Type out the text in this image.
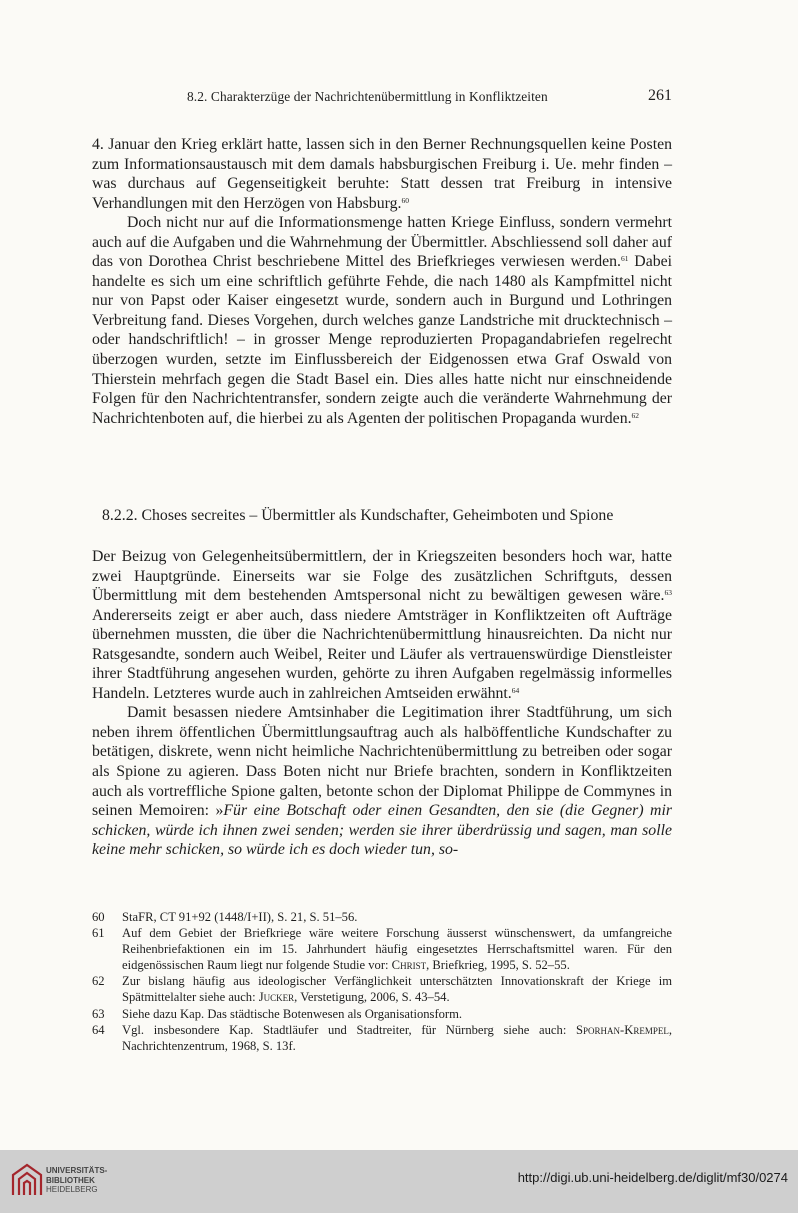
8.2. Charakterzüge der Nachrichtenübermittlung in Konfliktzeiten	261

4. Januar den Krieg erklärt hatte, lassen sich in den Berner Rechnungsquellen keine Posten zum Informationsaustausch mit dem damals habsburgischen Freiburg i. Ue. mehr finden – was durchaus auf Gegenseitigkeit beruhte: Statt dessen trat Freiburg in intensive Verhandlungen mit den Herzögen von Habsburg.$^{60}$

Doch nicht nur auf die Informationsmenge hatten Kriege Einfluss, sondern vermehrt auch auf die Aufgaben und die Wahrnehmung der Übermittler. Abschliessend soll daher auf das von Dorothea Christ beschriebene Mittel des Briefkrieges verwiesen werden.$^{61}$ Dabei handelte es sich um eine schriftlich geführte Fehde, die nach 1480 als Kampfmittel nicht nur von Papst oder Kaiser eingesetzt wurde, sondern auch in Burgund und Lothringen Verbreitung fand. Dieses Vorgehen, durch welches ganze Landstriche mit drucktechnisch – oder handschriftlich! – in grosser Menge reproduzierten Propagandabriefen regelrecht überzogen wurden, setzte im Einflussbereich der Eidgenossen etwa Graf Oswald von Thierstein mehrfach gegen die Stadt Basel ein. Dies alles hatte nicht nur einschneidende Folgen für den Nachrichtentransfer, sondern zeigte auch die veränderte Wahrnehmung der Nachrichtenboten auf, die hierbei zu als Agenten der politischen Propaganda wurden.$^{62}$

8.2.2. Choses secreites – Übermittler als Kundschafter, Geheimboten und Spione

Der Beizug von Gelegenheitsübermittlern, der in Kriegszeiten besonders hoch war, hatte zwei Hauptgründe. Einerseits war sie Folge des zusätzlichen Schriftguts, dessen Übermittlung mit dem bestehenden Amtspersonal nicht zu bewältigen gewesen wäre.$^{63}$ Andererseits zeigt er aber auch, dass niedere Amtsträger in Konfliktzeiten oft Aufträge übernehmen mussten, die über die Nachrichtenübermittlung hinausreichten. Da nicht nur Ratsgesandte, sondern auch Weibel, Reiter und Läufer als vertrauenswürdige Dienstleister ihrer Stadtführung angesehen wurden, gehörte zu ihren Aufgaben regelmässig informelles Handeln. Letzteres wurde auch in zahlreichen Amtseiden erwähnt.$^{64}$

Damit besassen niedere Amtsinhaber die Legitimation ihrer Stadtführung, um sich neben ihrem öffentlichen Übermittlungsauftrag auch als halböffentliche Kundschafter zu betätigen, diskrete, wenn nicht heimliche Nachrichtenübermittlung zu betreiben oder sogar als Spione zu agieren. Dass Boten nicht nur Briefe brachten, sondern in Konfliktzeiten auch als vortreffliche Spione galten, betonte schon der Diplomat Philippe de Commynes in seinen Memoiren: »Für eine Botschaft oder einen Gesandten, den sie (die Gegner) mir schicken, würde ich ihnen zwei senden; werden sie ihrer überdrüssig und sagen, man solle keine mehr schicken, so würde ich es doch wieder tun, so-

60	StaFR, CT 91+92 (1448/I+II), S. 21, S. 51–56.
61	Auf dem Gebiet der Briefkriege wäre weitere Forschung äusserst wünschenswert, da umfangreiche Reihenbriefaktionen ein im 15. Jahrhundert häufig eingesetztes Herrschaftsmittel waren. Für den eidgenössischen Raum liegt nur folgende Studie vor: Christ, Briefkrieg, 1995, S. 52–55.
62	Zur bislang häufig aus ideologischer Verfänglichkeit unterschätzten Innovationskraft der Kriege im Spätmittelalter siehe auch: Jucker, Verstetigung, 2006, S. 43–54.
63	Siehe dazu Kap. Das städtische Botenwesen als Organisationsform.
64	Vgl. insbesondere Kap. Stadtläufer und Stadtreiter, für Nürnberg siehe auch: Sporhan-Krempel, Nachrichtenzentrum, 1968, S. 13f.
UNIVERSITÄTS-
BIBLIOTHEK
HEIDELBERG
http://digi.ub.uni-heidelberg.de/diglit/mf30/0274
